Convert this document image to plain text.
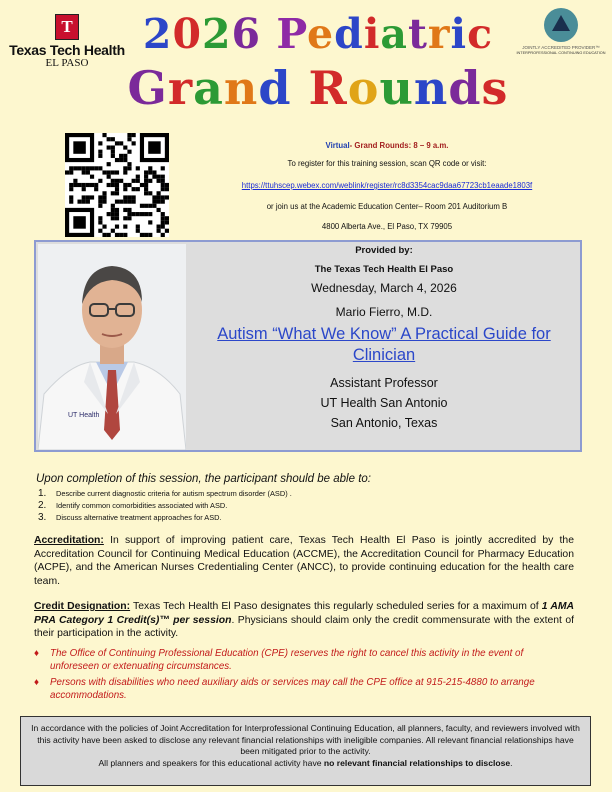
T
Texas Tech Health
EL PASO
2026 Pediatric
Grand Rounds
JOINTLY ACCREDITED PROVIDER™
INTERPROFESSIONAL CONTINUING EDUCATION
Virtual- Grand Rounds: 8 – 9 a.m.
To register for this training session, scan QR code or visit:
https://ttuhscep.webex.com/weblink/register/rc8d3354cac9daa67723cb1eaade1803f
or join us at the Academic Education Center– Room 201 Auditorium B
4800 Alberta Ave., El Paso, TX 79905
UT Health
Provided by:
The Texas Tech Health El Paso
Wednesday, March 4, 2026
Mario Fierro, M.D.
Autism “What We Know” A Practical Guide for Clinician
Assistant Professor
UT Health San Antonio
San Antonio, Texas
Upon completion of this session, the participant should be able to:
1. Describe current diagnostic criteria for autism spectrum disorder (ASD) .
2. Identify common comorbidities associated with ASD.
3. Discuss alternative treatment approaches for ASD.
Accreditation: In support of improving patient care, Texas Tech Health El Paso is jointly accredited by the Accreditation Council for Continuing Medical Education (ACCME), the Accreditation Council for Pharmacy Education (ACPE), and the American Nurses Credentialing Center (ANCC), to provide continuing education for the health care team.
Credit Designation: Texas Tech Health El Paso designates this regularly scheduled series for a maximum of 1 AMA PRA Category 1 Credit(s)™ per session. Physicians should claim only the credit commensurate with the extent of their participation in the activity.
♦ The Office of Continuing Professional Education (CPE) reserves the right to cancel this activity in the event of unforeseen or extenuating circumstances.
♦ Persons with disabilities who need auxiliary aids or services may call the CPE office at 915-215-4880 to arrange accommodations.
In accordance with the policies of Joint Accreditation for Interprofessional Continuing Education, all planners, faculty, and reviewers involved with this activity have been asked to disclose any relevant financial relationships with ineligible companies. All relevant financial relationships have been mitigated prior to the activity.
All planners and speakers for this educational activity have no relevant financial relationships to disclose.
